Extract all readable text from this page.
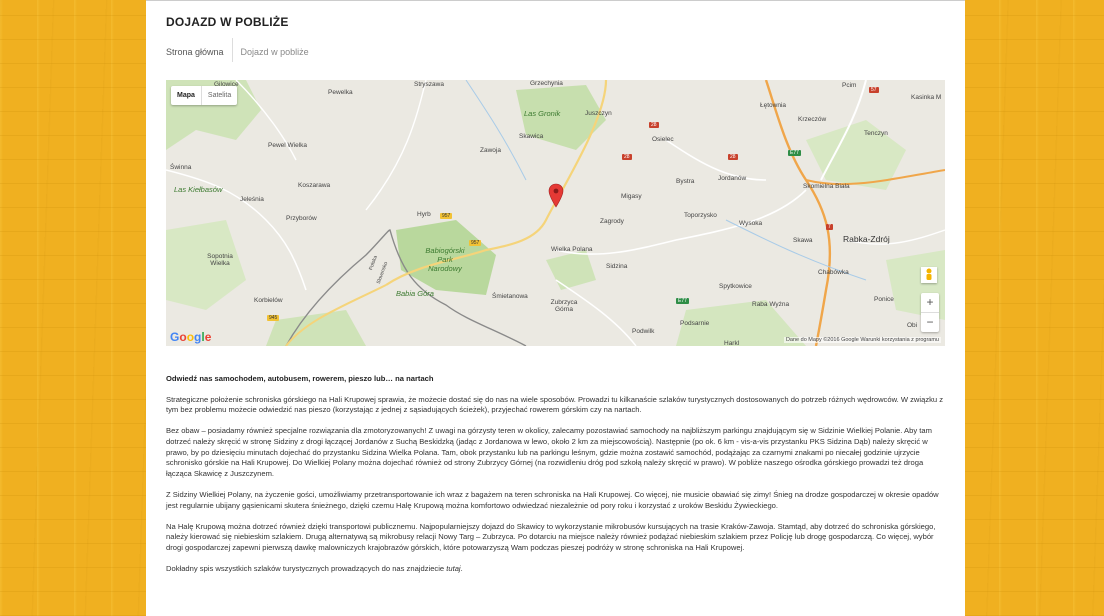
DOJAZD W POBLIŻE
Strona główna Dojazd w pobliże
Mapa	Satelita
Gilowice	Stryszawa	Grzechynia	Pcim
Kasinka M
Pewelka
Las Gronik	Juszczyn
Łętownia
Krzeczów
Pewel Wielka
Skawica
Zawoja
Osielec
Tenczyn
Świnna
Las Kiełbasów	Koszarawa
Migasy
Bystra	Jordanów
Skomielna Biała
Jeleśnia
Hyrb
Przyborów	Zagrody
Toporzysko
Wysoka
Babiogórski Park Narodowy
Skawa	Rabka-Zdrój
Wielka Polana
Sopotnia Wielka	Sidzina
Chabówka
Babia Góra
Korbielów
Śmietanowa
Spytkowice
Ponice
Zubrzyca Górna
Raba Wyżna
Podwilk
Podsarnie	Obi
Harkl
Polska
Slovensko
957
957
28
28	28
945
57
E77
E77
7
+
−
Google	Dane do Mapy ©2016 Google Warunki korzystania z programu
Odwiedź nas samochodem, autobusem, rowerem, pieszo lub… na nartach

Strategiczne położenie schroniska górskiego na Hali Krupowej sprawia, że możecie dostać się do nas na wiele sposobów. Prowadzi tu kilkanaście szlaków turystycznych dostosowanych do potrzeb różnych wędrowców. W związku z tym bez problemu możecie odwiedzić nas pieszo (korzystając z jednej z sąsiadujących ścieżek), przyjechać rowerem górskim czy na nartach.

Bez obaw – posiadamy również specjalne rozwiązania dla zmotoryzowanych! Z uwagi na górzysty teren w okolicy, zalecamy pozostawiać samochody na najbliższym parkingu znajdującym się w Sidzinie Wielkiej Polanie. Aby tam dotrzeć należy skręcić w stronę Sidziny z drogi łączącej Jordanów z Suchą Beskidzką (jadąc z Jordanowa w lewo, około 2 km za miejscowością). Następnie (po ok. 6 km - vis-a-vis przystanku PKS Sidzina Dąb) należy skręcić w prawo, by po dziesięciu minutach dojechać do przystanku Sidzina Wielka Polana. Tam, obok przystanku lub na parkingu leśnym, gdzie można zostawić samochód, podążając za czarnymi znakami po niecałej godzinie ujrzycie schronisko górskie na Hali Krupowej. Do Wielkiej Polany można dojechać również od strony Zubrzycy Górnej (na rozwidleniu dróg pod szkołą należy skręcić w prawo). W pobliże naszego ośrodka górskiego prowadzi też droga łącząca Skawicę z Juszczynem.

Z Sidziny Wielkiej Polany, na życzenie gości, umożliwiamy przetransportowanie ich wraz z bagażem na teren schroniska na Hali Krupowej. Co więcej, nie musicie obawiać się zimy! Śnieg na drodze gospodarczej w okresie opadów jest regularnie ubijany gąsienicami skutera śnieżnego, dzięki czemu Halę Krupową można komfortowo odwiedzać niezależnie od pory roku i korzystać z uroków Beskidu Żywieckiego.

Na Halę Krupową można dotrzeć również dzięki transportowi publicznemu. Najpopularniejszy dojazd do Skawicy to wykorzystanie mikrobusów kursujących na trasie Kraków-Zawoja. Stamtąd, aby dotrzeć do schroniska górskiego, należy kierować się niebieskim szlakiem. Drugą alternatywą są mikrobusy relacji Nowy Targ – Zubrzyca. Po dotarciu na miejsce należy również podążać niebieskim szlakiem przez Policję lub drogę gospodarczą. Co więcej, wybór drogi gospodarczej zapewni pierwszą dawkę malowniczych krajobrazów górskich, które potowarzyszą Wam podczas pieszej podróży w stronę schroniska na Hali Krupowej.

Dokładny spis wszystkich szlaków turystycznych prowadzących do nas znajdziecie tutaj.
